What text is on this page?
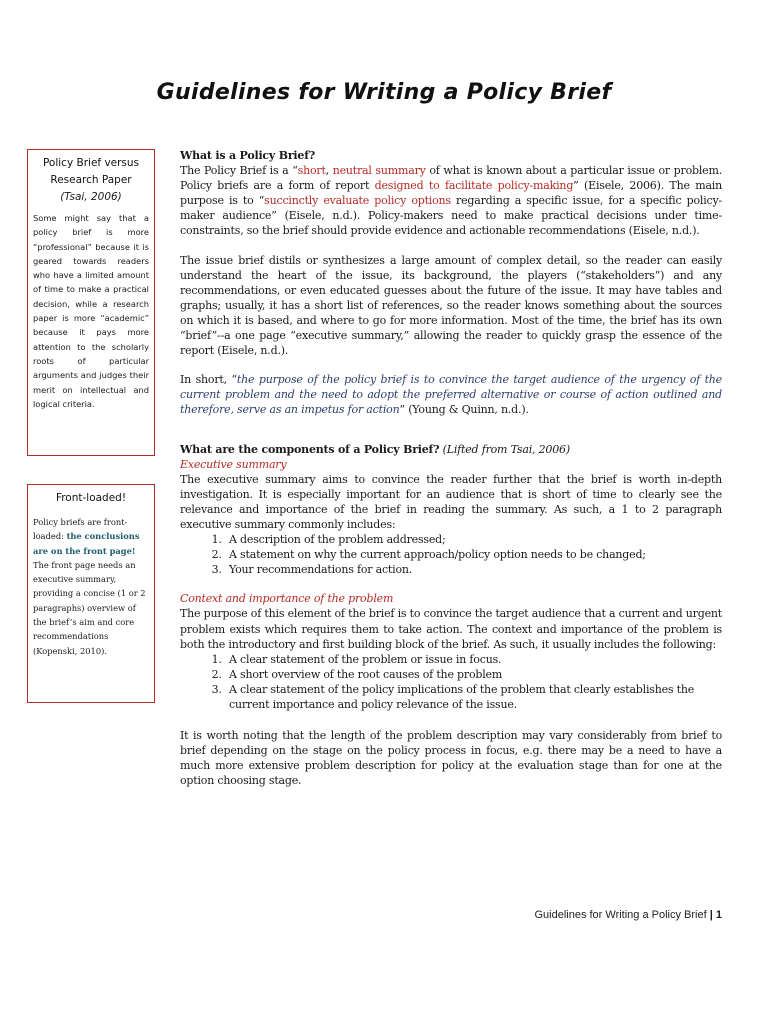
Guidelines for Writing a Policy Brief
Policy Brief versus Research Paper
(Tsai, 2006)
Some might say that a policy brief is more “professional” because it is geared towards readers who have a limited amount of time to make a practical decision, while a research paper is more “academic” because it pays more attention to the scholarly roots of particular arguments and judges their merit on intellectual and logical criteria.
Front-loaded!
Policy briefs are front-loaded: the conclusions are on the front page! The front page needs an executive summary, providing a concise (1 or 2 paragraphs) overview of the brief’s aim and core recommendations (Kopenski, 2010).

What is a Policy Brief?
The Policy Brief is a “short, neutral summary of what is known about a particular issue or problem. Policy briefs are a form of report designed to facilitate policy-making” (Eisele, 2006). The main purpose is to “succinctly evaluate policy options regarding a specific issue, for a specific policy-maker audience” (Eisele, n.d.). Policy-makers need to make practical decisions under time-constraints, so the brief should provide evidence and actionable recommendations (Eisele, n.d.).

The issue brief distils or synthesizes a large amount of complex detail, so the reader can easily understand the heart of the issue, its background, the players (“stakeholders”) and any recommendations, or even educated guesses about the future of the issue. It may have tables and graphs; usually, it has a short list of references, so the reader knows something about the sources on which it is based, and where to go for more information. Most of the time, the brief has its own “brief”--a one page “executive summary,” allowing the reader to quickly grasp the essence of the report (Eisele, n.d.).

In short, “the purpose of the policy brief is to convince the target audience of the urgency of the current problem and the need to adopt the preferred alternative or course of action outlined and therefore, serve as an impetus for action” (Young & Quinn, n.d.).

What are the components of a Policy Brief? (Lifted from Tsai, 2006)
Executive summary
The executive summary aims to convince the reader further that the brief is worth in-depth investigation. It is especially important for an audience that is short of time to clearly see the relevance and importance of the brief in reading the summary. As such, a 1 to 2 paragraph executive summary commonly includes:
1. A description of the problem addressed;
2. A statement on why the current approach/policy option needs to be changed;
3. Your recommendations for action.
Context and importance of the problem
The purpose of this element of the brief is to convince the target audience that a current and urgent problem exists which requires them to take action. The context and importance of the problem is both the introductory and first building block of the brief. As such, it usually includes the following:
1. A clear statement of the problem or issue in focus.
2. A short overview of the root causes of the problem
3. A clear statement of the policy implications of the problem that clearly establishes the current importance and policy relevance of the issue.

It is worth noting that the length of the problem description may vary considerably from brief to brief depending on the stage on the policy process in focus, e.g. there may be a need to have a much more extensive problem description for policy at the evaluation stage than for one at the option choosing stage.

Guidelines for Writing a Policy Brief | 1
